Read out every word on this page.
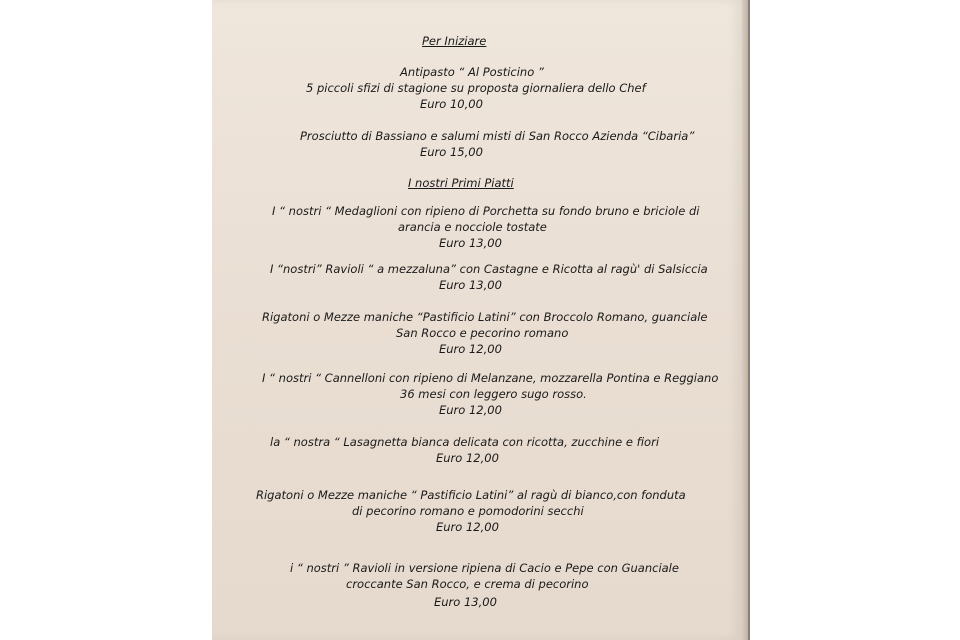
Per Iniziare
Antipasto “ Al Posticino ”
5 piccoli sfizi di stagione su proposta giornaliera dello Chef
Euro 10,00
Prosciutto di Bassiano e salumi misti di San Rocco Azienda “Cibaria”
Euro 15,00
I nostri Primi Piatti
I “ nostri “ Medaglioni con ripieno di Porchetta su fondo bruno e briciole di
arancia e nocciole tostate
Euro 13,00
I “nostri” Ravioli “ a mezzaluna” con Castagne e Ricotta al ragù' di Salsiccia
Euro 13,00
Rigatoni o Mezze maniche “Pastificio Latini” con Broccolo Romano, guanciale
San Rocco e pecorino romano
Euro 12,00
I “ nostri “ Cannelloni con ripieno di Melanzane, mozzarella Pontina e Reggiano
36 mesi con leggero sugo rosso.
Euro 12,00
la “ nostra “ Lasagnetta bianca delicata con ricotta, zucchine e fiori
Euro 12,00
Rigatoni o Mezze maniche “ Pastificio Latini” al ragù di bianco,con fonduta
di pecorino romano e pomodorini secchi
Euro 12,00
i “ nostri ” Ravioli in versione ripiena di Cacio e Pepe con Guanciale
croccante San Rocco, e crema di pecorino
Euro 13,00
